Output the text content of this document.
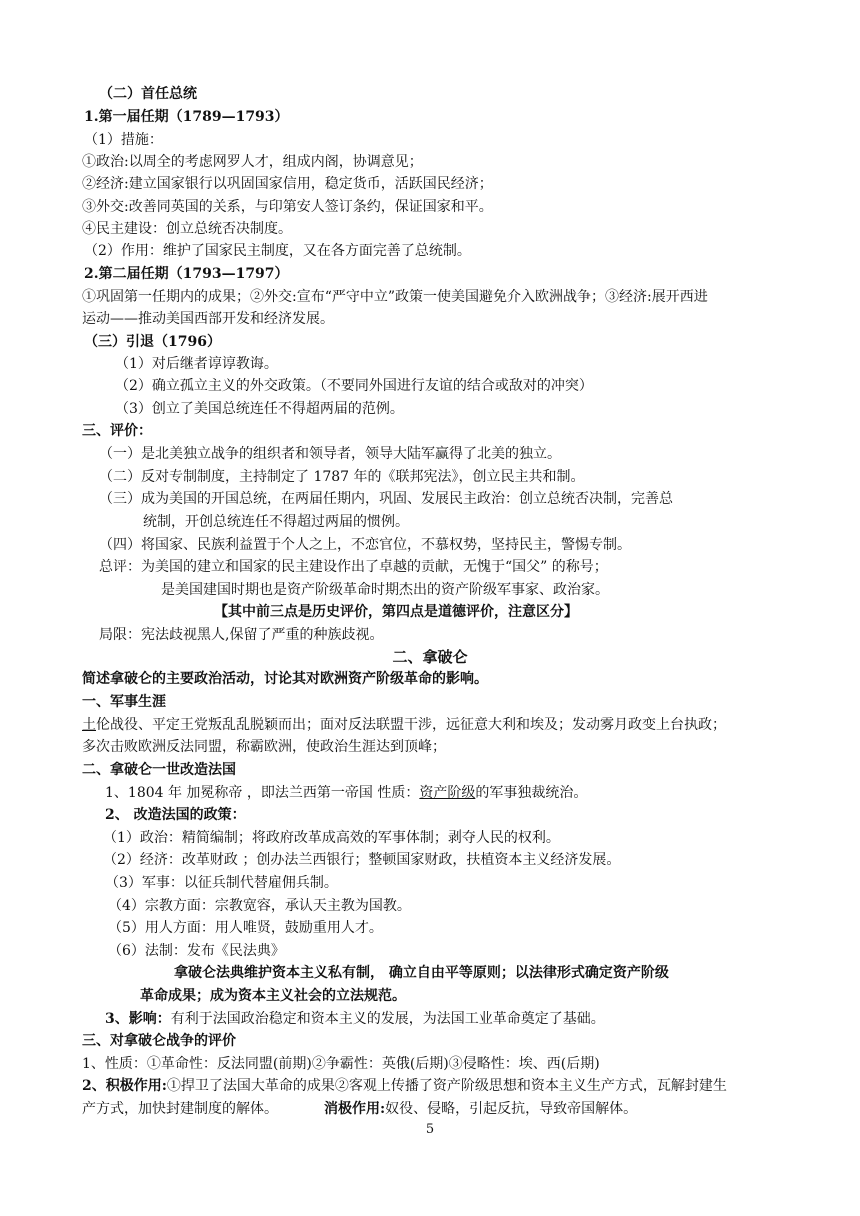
（二）首任总统
1.第一届任期（1789—1793）
（1）措施：
①政治:以周全的考虑网罗人才，组成内阁，协调意见；
②经济:建立国家银行以巩固国家信用，稳定货币，活跃国民经济；
③外交:改善同英国的关系，与印第安人签订条约，保证国家和平。
④民主建设：创立总统否决制度。
（2）作用：维护了国家民主制度，又在各方面完善了总统制。
2.第二届任期（1793—1797）
①巩固第一任期内的成果；②外交:宣布“严守中立”政策一使美国避免介入欧洲战争；③经济:展开西进
运动——推动美国西部开发和经济发展。
（三）引退（1796）
（1）对后继者谆谆教诲。
（2）确立孤立主义的外交政策。（不要同外国进行友谊的结合或敌对的冲突）
（3）创立了美国总统连任不得超两届的范例。
三、评价：
（一）是北美独立战争的组织者和领导者，领导大陆军赢得了北美的独立。
（二）反对专制制度，主持制定了 1787 年的《联邦宪法》，创立民主共和制。
（三）成为美国的开国总统，在两届任期内，巩固、发展民主政治：创立总统否决制，完善总
统制，开创总统连任不得超过两届的惯例。
（四）将国家、民族利益置于个人之上，不恋官位，不慕权势，坚持民主，警惕专制。
总评：为美国的建立和国家的民主建设作出了卓越的贡献，无愧于“国父” 的称号；
是美国建国时期也是资产阶级革命时期杰出的资产阶级军事家、政治家。
【其中前三点是历史评价，第四点是道德评价，注意区分】
局限：宪法歧视黑人,保留了严重的种族歧视。
二、拿破仑
简述拿破仑的主要政治活动，讨论其对欧洲资产阶级革命的影响。
一、军事生涯
土伦战役、平定王党叛乱乱脱颖而出；面对反法联盟干涉，远征意大利和埃及；发动雾月政变上台执政；
多次击败欧洲反法同盟，称霸欧洲，使政治生涯达到顶峰；
二、拿破仑一世改造法国
1、1804 年 加冕称帝 ，即法兰西第一帝国 性质：资产阶级的军事独裁统治。
2、 改造法国的政策：
（1）政治：精简编制；将政府改革成高效的军事体制；剥夺人民的权利。
（2）经济：改革财政 ；创办法兰西银行；整顿国家财政，扶植资本主义经济发展。
（3）军事：以征兵制代替雇佣兵制。
（4）宗教方面：宗教宽容，承认天主教为国教。
（5）用人方面：用人唯贤，鼓励重用人才。
（6）法制：发布《民法典》
拿破仑法典维护资本主义私有制， 确立自由平等原则；以法律形式确定资产阶级
革命成果；成为资本主义社会的立法规范。
3、影响：有利于法国政治稳定和资本主义的发展，为法国工业革命奠定了基础。
三、对拿破仑战争的评价
1、性质：①革命性：反法同盟(前期)②争霸性：英俄(后期)③侵略性：埃、西(后期)
2、积极作用:①捍卫了法国大革命的成果②客观上传播了资产阶级思想和资本主义生产方式，瓦解封建生
产方式，加快封建制度的解体。	消极作用:奴役、侵略，引起反抗，导致帝国解体。
5
